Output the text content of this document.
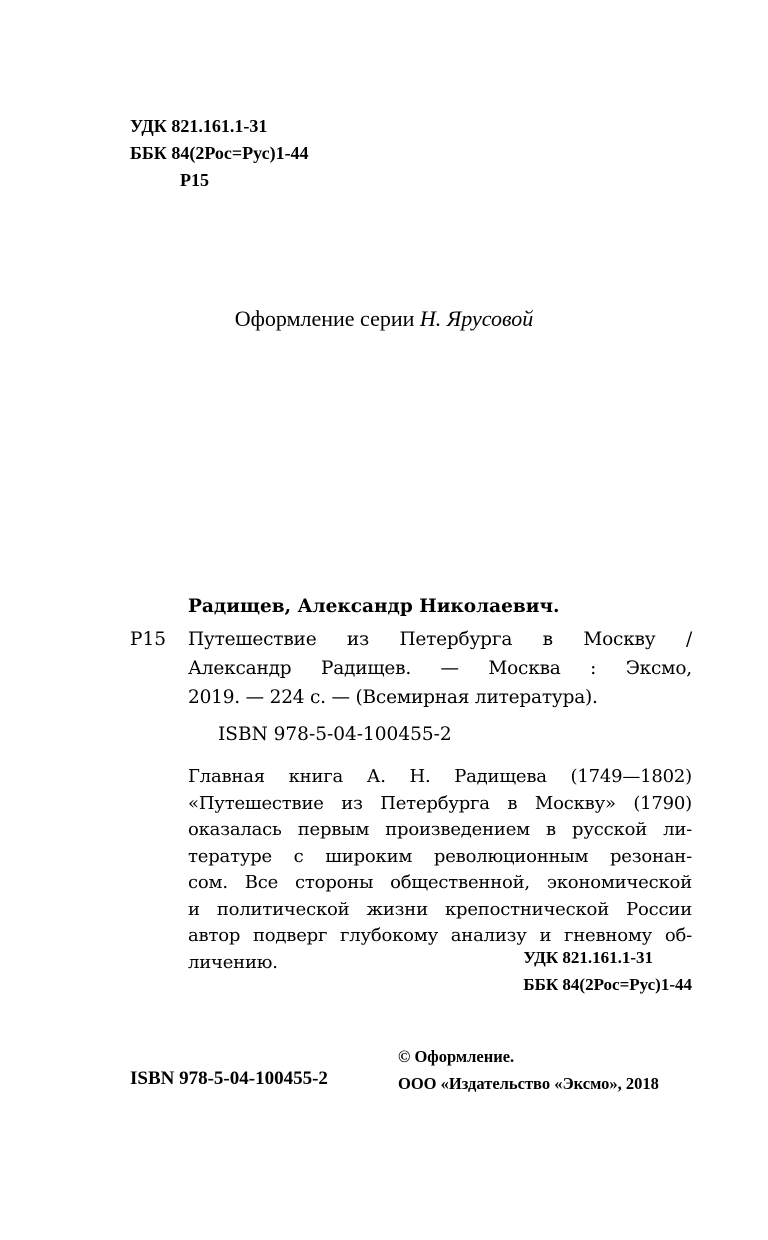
УДК 821.161.1-31
ББК 84(2Рос=Рус)1-44
Р15
Оформление серии Н. Ярусовой
Радищев, Александр Николаевич.
Р15 Путешествие из Петербурга в Москву /
Александр Радищев. — Москва : Эксмо,
2019. — 224 с. — (Всемирная литература).
ISBN 978-5-04-100455-2
Главная книга А. Н. Радищева (1749—1802)
«Путешествие из Петербурга в Москву» (1790)
оказалась первым произведением в русской ли-
тературе с широким революционным резонан-
сом. Все стороны общественной, экономической
и политической жизни крепостнической России
автор подверг глубокому анализу и гневному об-
личению.	УДК 821.161.1-31
ББК 84(2Рос=Рус)1-44
© Оформление.
ООО «Издательство «Эксмо», 2018
ISBN 978-5-04-100455-2
